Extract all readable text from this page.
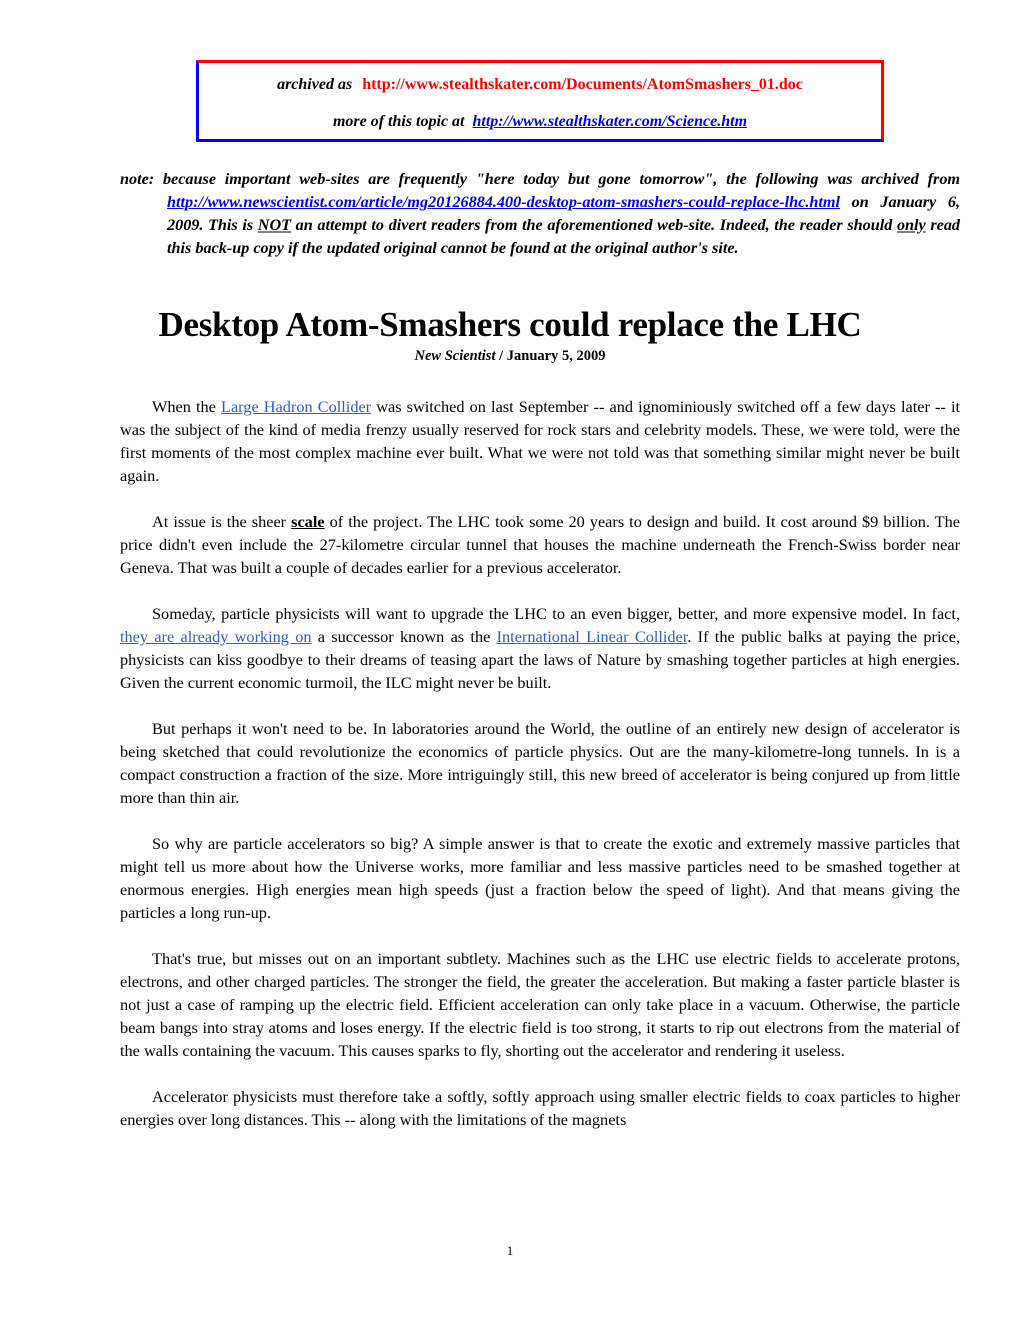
archived as http://www.stealthskater.com/Documents/AtomSmashers_01.doc
more of this topic at http://www.stealthskater.com/Science.htm
note: because important web-sites are frequently "here today but gone tomorrow", the following was archived from http://www.newscientist.com/article/mg20126884.400-desktop-atom-smashers-could-replace-lhc.html on January 6, 2009. This is NOT an attempt to divert readers from the aforementioned web-site. Indeed, the reader should only read this back-up copy if the updated original cannot be found at the original author's site.
Desktop Atom-Smashers could replace the LHC
New Scientist / January 5, 2009

When the Large Hadron Collider was switched on last September -- and ignominiously switched off a few days later -- it was the subject of the kind of media frenzy usually reserved for rock stars and celebrity models. These, we were told, were the first moments of the most complex machine ever built. What we were not told was that something similar might never be built again.

At issue is the sheer scale of the project. The LHC took some 20 years to design and build. It cost around $9 billion. The price didn't even include the 27-kilometre circular tunnel that houses the machine underneath the French-Swiss border near Geneva. That was built a couple of decades earlier for a previous accelerator.

Someday, particle physicists will want to upgrade the LHC to an even bigger, better, and more expensive model. In fact, they are already working on a successor known as the International Linear Collider. If the public balks at paying the price, physicists can kiss goodbye to their dreams of teasing apart the laws of Nature by smashing together particles at high energies. Given the current economic turmoil, the ILC might never be built.

But perhaps it won't need to be. In laboratories around the World, the outline of an entirely new design of accelerator is being sketched that could revolutionize the economics of particle physics. Out are the many-kilometre-long tunnels. In is a compact construction a fraction of the size. More intriguingly still, this new breed of accelerator is being conjured up from little more than thin air.

So why are particle accelerators so big? A simple answer is that to create the exotic and extremely massive particles that might tell us more about how the Universe works, more familiar and less massive particles need to be smashed together at enormous energies. High energies mean high speeds (just a fraction below the speed of light). And that means giving the particles a long run-up.

That's true, but misses out on an important subtlety. Machines such as the LHC use electric fields to accelerate protons, electrons, and other charged particles. The stronger the field, the greater the acceleration. But making a faster particle blaster is not just a case of ramping up the electric field. Efficient acceleration can only take place in a vacuum. Otherwise, the particle beam bangs into stray atoms and loses energy. If the electric field is too strong, it starts to rip out electrons from the material of the walls containing the vacuum. This causes sparks to fly, shorting out the accelerator and rendering it useless.

Accelerator physicists must therefore take a softly, softly approach using smaller electric fields to coax particles to higher energies over long distances. This -- along with the limitations of the magnets

1
